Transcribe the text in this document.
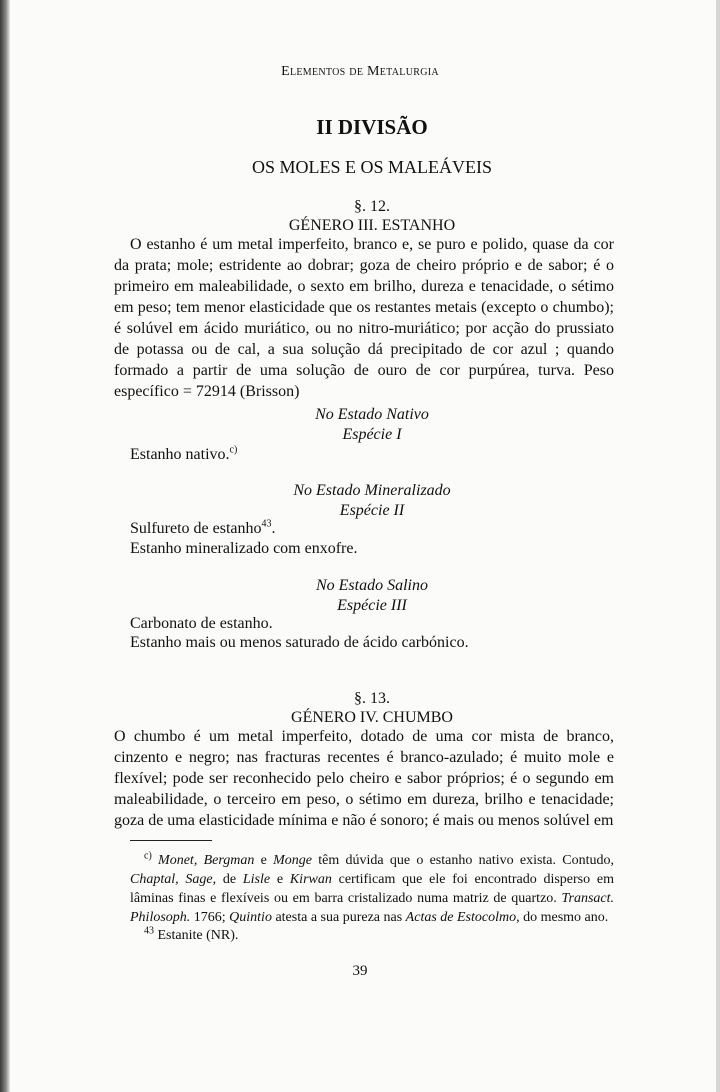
Elementos de Metalurgia
II DIVISÃO
OS MOLES E OS MALEÁVEIS
§. 12.
GÉNERO III. ESTANHO
O estanho é um metal imperfeito, branco e, se puro e polido, quase da cor da prata; mole; estridente ao dobrar; goza de cheiro próprio e de sabor; é o primeiro em maleabilidade, o sexto em brilho, dureza e tenacidade, o sétimo em peso; tem menor elasticidade que os restantes metais (excepto o chumbo); é solúvel em ácido muriático, ou no nitro-muriático; por acção do prussiato de potassa ou de cal, a sua solução dá precipitado de cor azul ; quando formado a partir de uma solução de ouro de cor purpúrea, turva. Peso específico = 72914 (Brisson)
No Estado Nativo
Espécie I
Estanho nativo.$^{c)}$
No Estado Mineralizado
Espécie II
Sulfureto de estanho$^{43}$.
Estanho mineralizado com enxofre.
No Estado Salino
Espécie III
Carbonato de estanho.
Estanho mais ou menos saturado de ácido carbónico.
§. 13.
GÉNERO IV. CHUMBO
O chumbo é um metal imperfeito, dotado de uma cor mista de branco, cinzento e negro; nas fracturas recentes é branco-azulado; é muito mole e flexível; pode ser reconhecido pelo cheiro e sabor próprios; é o segundo em maleabilidade, o terceiro em peso, o sétimo em dureza, brilho e tenacidade; goza de uma elasticidade mínima e não é sonoro; é mais ou menos solúvel em
$^{c)}$ Monet, Bergman e Monge têm dúvida que o estanho nativo exista. Contudo, Chaptal, Sage, de Lisle e Kirwan certificam que ele foi encontrado disperso em lâminas finas e flexíveis ou em barra cristalizado numa matriz de quartzo. Transact. Philosoph. 1766; Quintio atesta a sua pureza nas Actas de Estocolmo, do mesmo ano.
$^{43}$ Estanite (NR).
39
